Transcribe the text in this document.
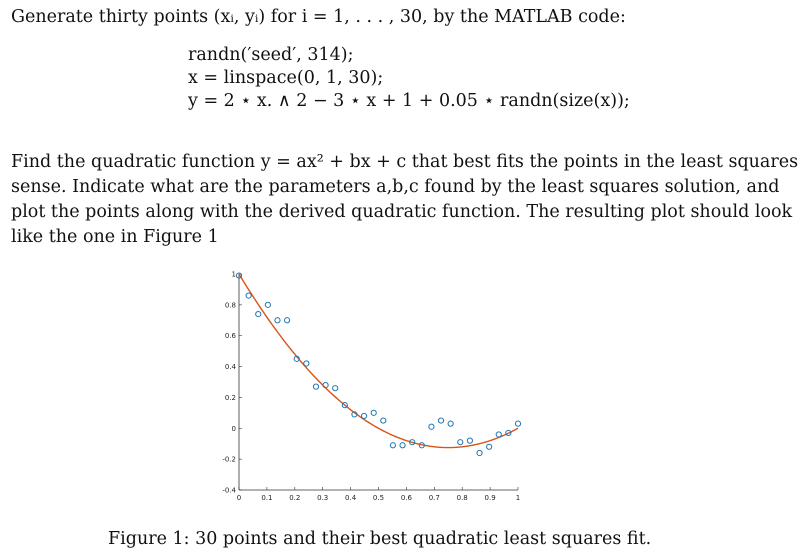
Generate thirty points (xᵢ, yᵢ) for i = 1, . . . , 30, by the MATLAB code:
randn(′seed′, 314);
x = linspace(0, 1, 30);
y = 2 ⋆ x. ∧ 2 − 3 ⋆ x + 1 + 0.05 ⋆ randn(size(x));
Find the quadratic function y = ax² + bx + c that best fits the points in the least squares
sense. Indicate what are the parameters a,b,c found by the least squares solution, and
plot the points along with the derived quadratic function. The resulting plot should look
like the one in Figure 1
0	0.1 0.2 0.3 0.4 0.5 0.6 0.7 0.8 0.9	1
-0.4
-0.2
0
0.2
0.4
0.6
0.8
1
Figure 1: 30 points and their best quadratic least squares fit.
